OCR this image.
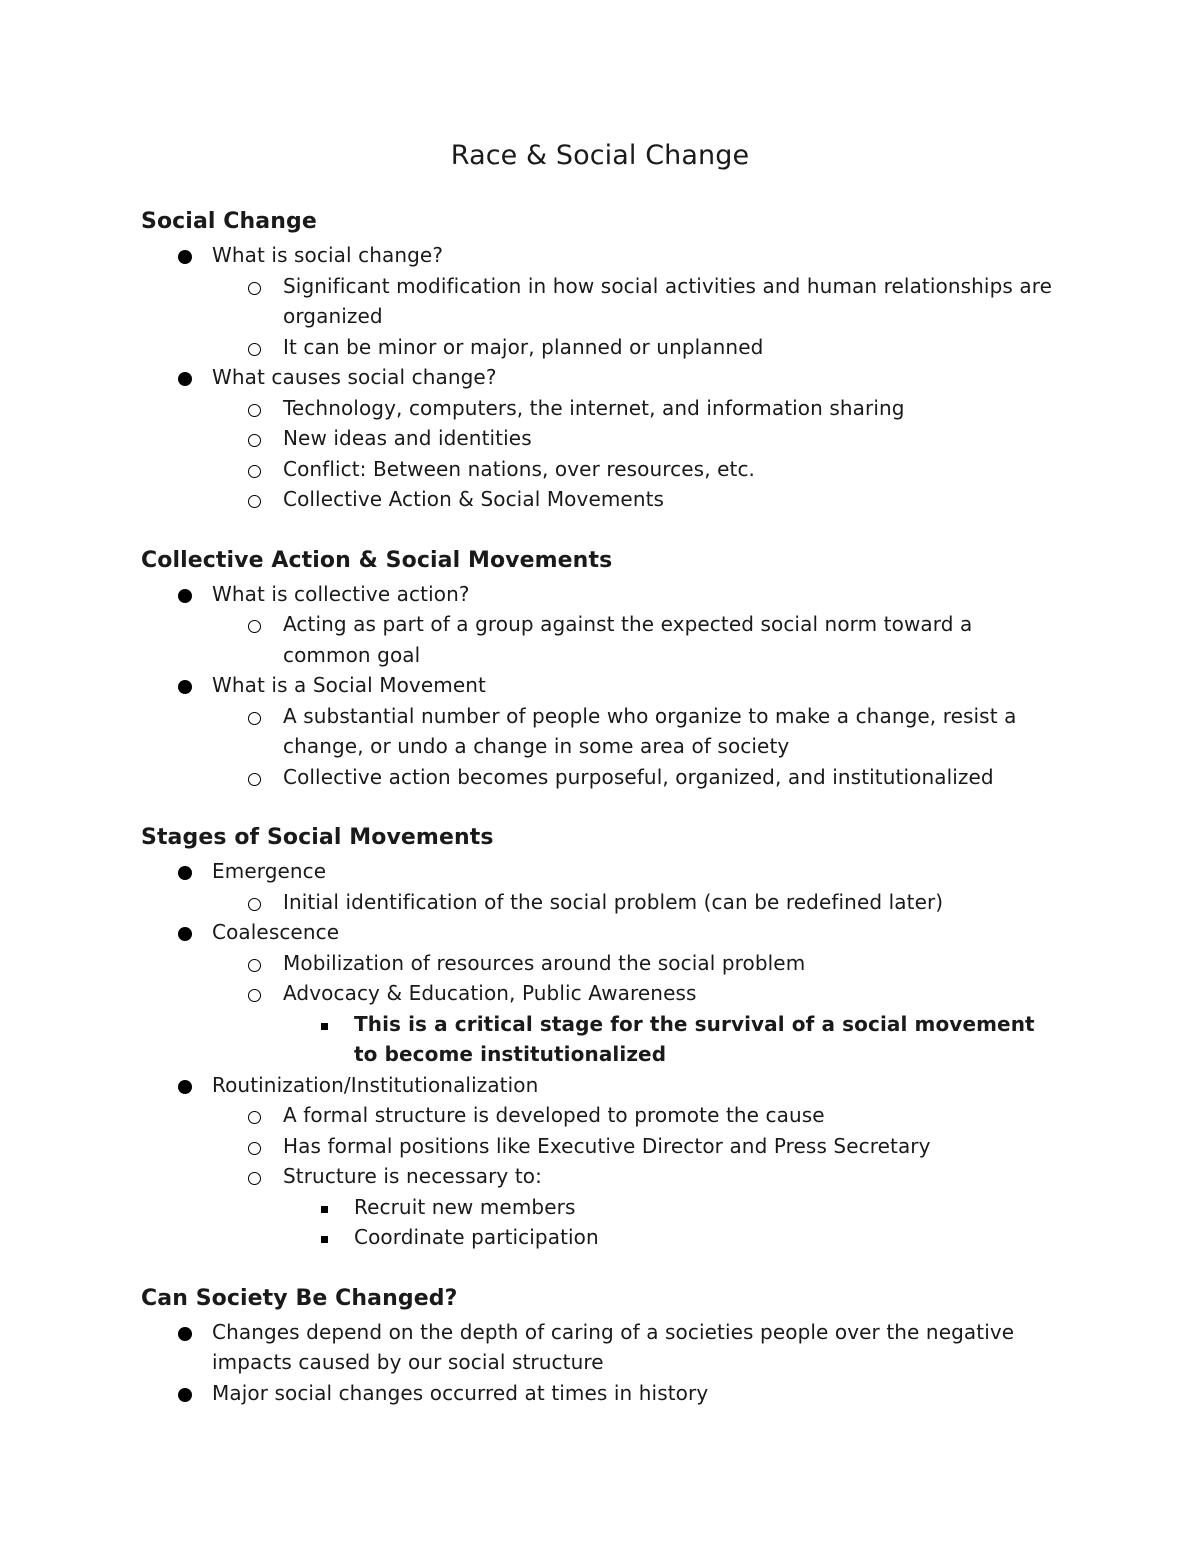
Race & Social Change
Social Change
What is social change?
Significant modification in how social activities and human relationships are organized
It can be minor or major, planned or unplanned
What causes social change?
Technology, computers, the internet, and information sharing
New ideas and identities
Conflict: Between nations, over resources, etc.
Collective Action & Social Movements
Collective Action & Social Movements
What is collective action?
Acting as part of a group against the expected social norm toward a common goal
What is a Social Movement
A substantial number of people who organize to make a change, resist a change, or undo a change in some area of society
Collective action becomes purposeful, organized, and institutionalized
Stages of Social Movements
Emergence
Initial identification of the social problem (can be redefined later)
Coalescence
Mobilization of resources around the social problem
Advocacy & Education, Public Awareness
This is a critical stage for the survival of a social movement to become institutionalized
Routinization/Institutionalization
A formal structure is developed to promote the cause
Has formal positions like Executive Director and Press Secretary
Structure is necessary to:
Recruit new members
Coordinate participation
Can Society Be Changed?
Changes depend on the depth of caring of a societies people over the negative impacts caused by our social structure
Major social changes occurred at times in history
